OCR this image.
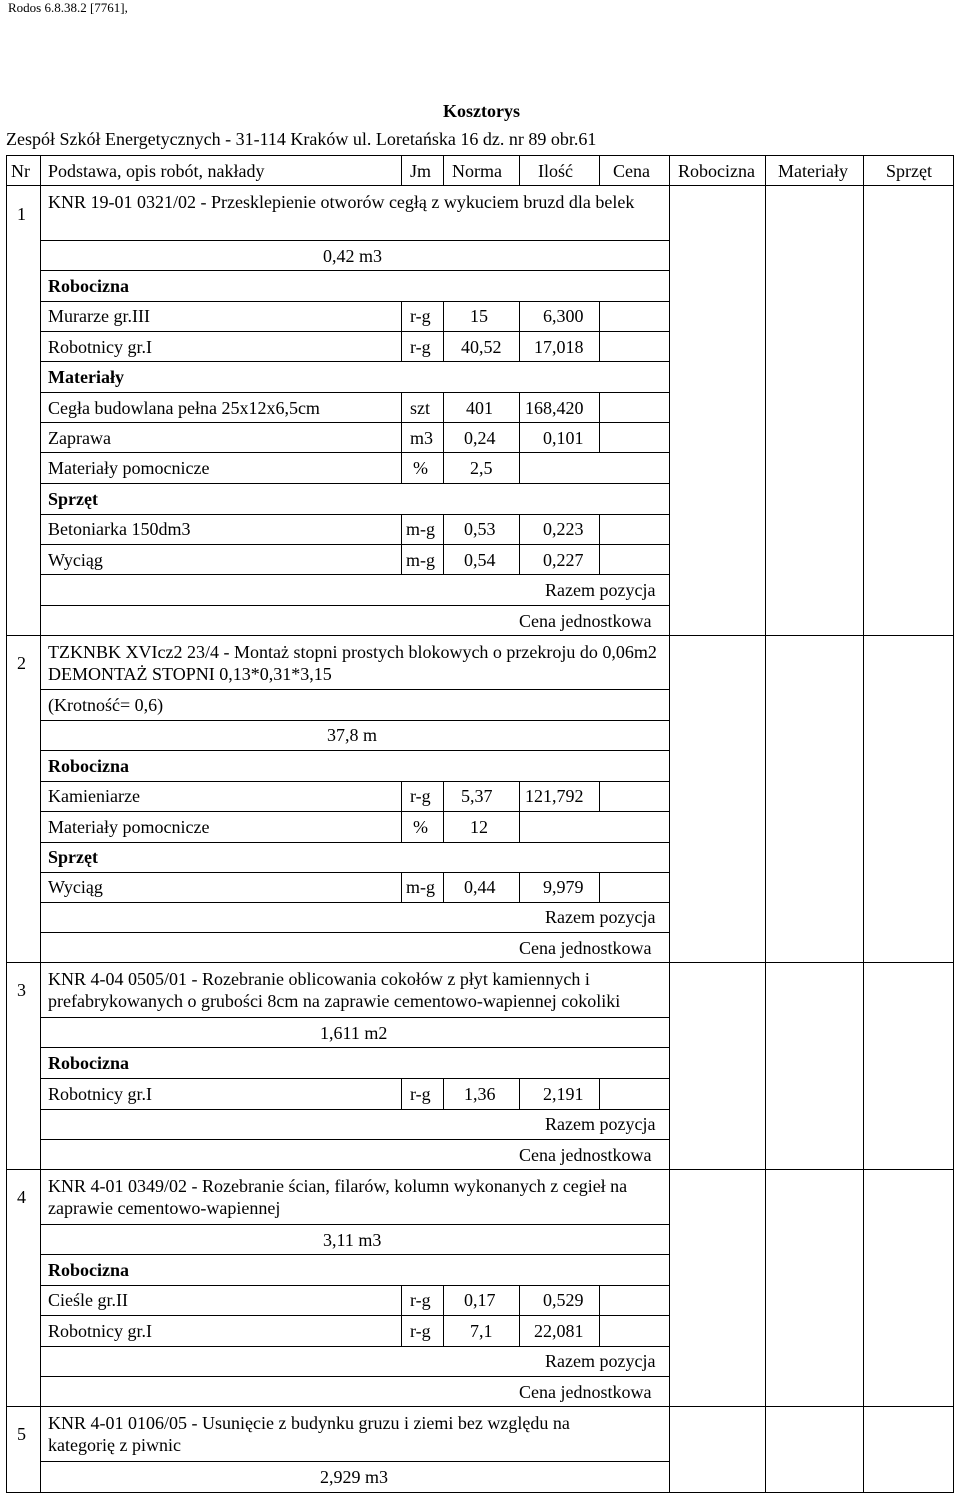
Rodos 6.8.38.2 [7761],
Kosztorys
Zespół Szkół Energetycznych - 31-114 Kraków ul. Loretańska 16 dz. nr 89 obr.61
Nr Podstawa, opis robót, nakłady	Jm Norma Ilość Cena Robocizna Materiały Sprzęt
1
KNR 19-01 0321/02 - Przesklepienie otworów cegłą z wykuciem bruzd dla belek
0,42 m3
Robocizna
Murarze gr.III	r-g 15	6,300
Robotnicy gr.I	r-g 40,52 17,018
Materiały
Cegła budowlana pełna 25x12x6,5cm	szt 401 168,420
Zaprawa	m3 0,24	0,101
Materiały pomocnicze	% 2,5
Sprzęt
Betoniarka 150dm3	m-g 0,53	0,223
Wyciąg	m-g 0,54	0,227
Razem pozycja
Cena jednostkowa
2
TZKNBK XVIcz2 23/4 - Montaż stopni prostych blokowych o przekroju do 0,06m2 DEMONTAŻ STOPNI 0,13*0,31*3,15
(Krotność= 0,6)
37,8 m
Robocizna
Kamieniarze	r-g 5,37 121,792
Materiały pomocnicze	% 12
Sprzęt
Wyciąg	m-g 0,44	9,979
Razem pozycja
Cena jednostkowa
3
KNR 4-04 0505/01 - Rozebranie oblicowania cokołów z płyt kamiennych i prefabrykowanych o grubości 8cm na zaprawie cementowo-wapiennej cokoliki
1,611 m2
Robocizna
Robotnicy gr.I	r-g 1,36	2,191
Razem pozycja
Cena jednostkowa
4
KNR 4-01 0349/02 - Rozebranie ścian, filarów, kolumn wykonanych z cegieł na zaprawie cementowo-wapiennej
3,11 m3
Robocizna
Cieśle gr.II	r-g 0,17	0,529
Robotnicy gr.I	r-g 7,1 22,081
Razem pozycja
Cena jednostkowa
5
KNR 4-01 0106/05 - Usunięcie z budynku gruzu i ziemi bez względu na kategorię z piwnic
2,929 m3
